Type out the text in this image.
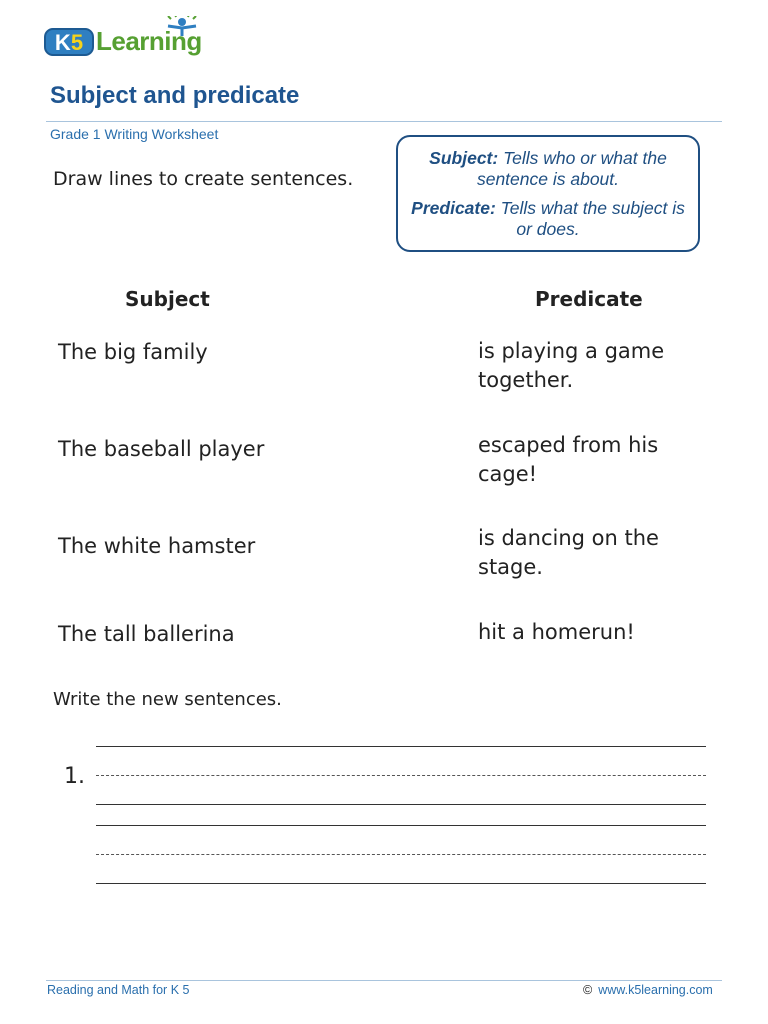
K5 Learning
Subject and predicate
Grade 1 Writing Worksheet
Draw lines to create sentences.
Subject: Tells who or what the sentence is about.
Predicate: Tells what the subject is or does.
Subject	Predicate
The big family
The baseball player
The white hamster
The tall ballerina
is playing a game together.
escaped from his cage!
is dancing on the stage.
hit a homerun!
Write the new sentences.
1.
Reading and Math for K 5	© www.k5learning.com
